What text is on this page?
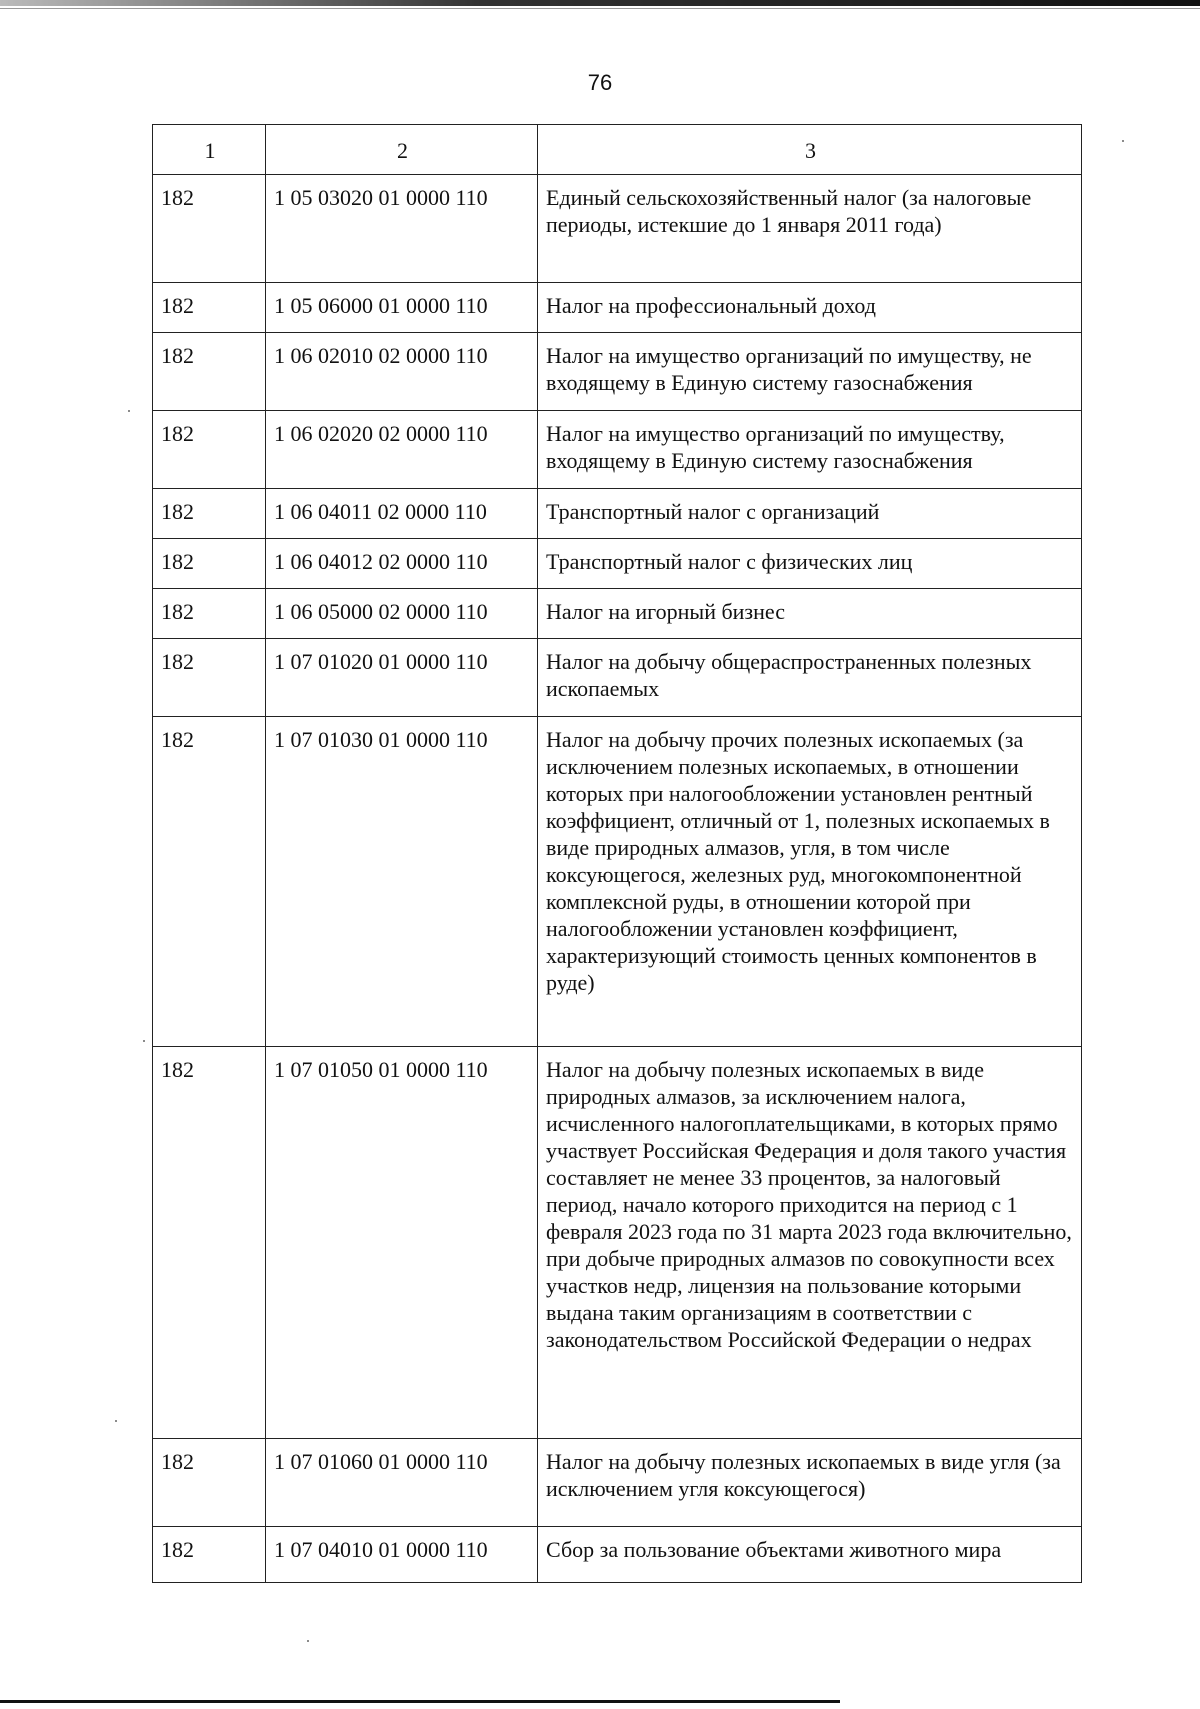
76
1	2	3
182	1 05 03020 01 0000 110	Единый сельскохозяйственный налог (за налоговые периоды, истекшие до 1 января 2011 года)
182	1 05 06000 01 0000 110	Налог на профессиональный доход
182	1 06 02010 02 0000 110	Налог на имущество организаций по имуществу, не входящему в Единую систему газоснабжения
182	1 06 02020 02 0000 110	Налог на имущество организаций по имуществу, входящему в Единую систему газоснабжения
182	1 06 04011 02 0000 110	Транспортный налог с организаций
182	1 06 04012 02 0000 110	Транспортный налог с физических лиц
182	1 06 05000 02 0000 110	Налог на игорный бизнес
182	1 07 01020 01 0000 110	Налог на добычу общераспространенных полезных ископаемых
182	1 07 01030 01 0000 110	Налог на добычу прочих полезных ископаемых (за исключением полезных ископаемых, в отношении которых при налогообложении установлен рентный коэффициент, отличный от 1, полезных ископаемых в виде природных алмазов, угля, в том числе коксующегося, железных руд, многокомпонентной комплексной руды, в отношении которой при налогообложении установлен коэффициент, характеризующий стоимость ценных компонентов в руде)
182	1 07 01050 01 0000 110	Налог на добычу полезных ископаемых в виде природных алмазов, за исключением налога, исчисленного налогоплательщиками, в которых прямо участвует Российская Федерация и доля такого участия составляет не менее 33 процентов, за налоговый период, начало которого приходится на период с 1 февраля 2023 года по 31 марта 2023 года включительно, при добыче природных алмазов по совокупности всех участков недр, лицензия на пользование которыми выдана таким организациям в соответствии с законодательством Российской Федерации о недрах
182	1 07 01060 01 0000 110	Налог на добычу полезных ископаемых в виде угля (за исключением угля коксующегося)
182	1 07 04010 01 0000 110	Сбор за пользование объектами животного мира
